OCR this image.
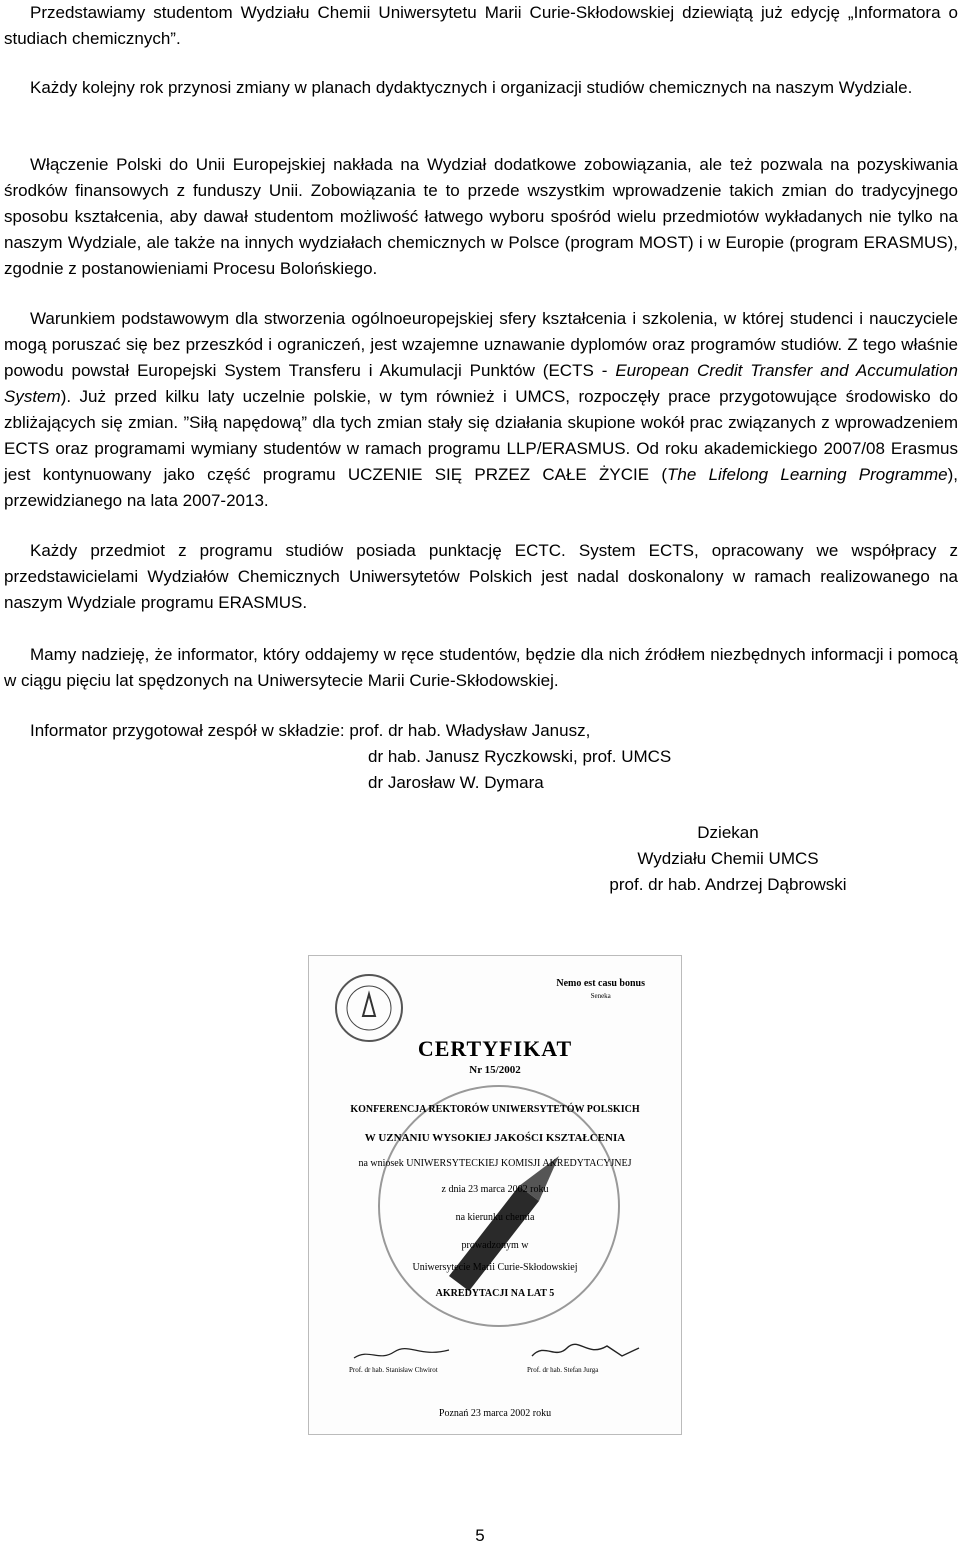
Przedstawiamy studentom Wydziału Chemii Uniwersytetu Marii Curie-Skłodowskiej dziewiątą już edycję „Informatora o studiach chemicznych”.

Każdy kolejny rok przynosi zmiany w planach dydaktycznych i organizacji studiów chemicznych na naszym Wydziale.

Włączenie Polski do Unii Europejskiej nakłada na Wydział dodatkowe zobowiązania, ale też pozwala na pozyskiwania środków finansowych z funduszy Unii. Zobowiązania te to przede wszystkim wprowadzenie takich zmian do tradycyjnego sposobu kształcenia, aby dawał studentom możliwość łatwego wyboru spośród wielu przedmiotów wykładanych nie tylko na naszym Wydziale, ale także na innych wydziałach chemicznych w Polsce (program MOST) i w Europie (program ERASMUS), zgodnie z postanowieniami Procesu Bolońskiego.

Warunkiem podstawowym dla stworzenia ogólnoeuropejskiej sfery kształcenia i szkolenia, w której studenci i nauczyciele mogą poruszać się bez przeszkód i ograniczeń, jest wzajemne uznawanie dyplomów oraz programów studiów. Z tego właśnie powodu powstał Europejski System Transferu i Akumulacji Punktów (ECTS - European Credit Transfer and Accumulation System). Już przed kilku laty uczelnie polskie, w tym również i UMCS, rozpoczęły prace przygotowujące środowisko do zbliżających się zmian. ”Siłą napędową” dla tych zmian stały się działania skupione wokół prac związanych z wprowadzeniem ECTS oraz programami wymiany studentów w ramach programu LLP/ERASMUS. Od roku akademickiego 2007/08 Erasmus jest kontynuowany jako część programu UCZENIE SIĘ PRZEZ CAŁE ŻYCIE (The Lifelong Learning Programme), przewidzianego na lata 2007-2013.

Każdy przedmiot z programu studiów posiada punktację ECTC. System ECTS, opracowany we współpracy z przedstawicielami Wydziałów Chemicznych Uniwersytetów Polskich jest nadal doskonalony w ramach realizowanego na naszym Wydziale programu ERASMUS.

Mamy nadzieję, że informator, który oddajemy w ręce studentów, będzie dla nich źródłem niezbędnych informacji i pomocą w ciągu pięciu lat spędzonych na Uniwersytecie Marii Curie-Skłodowskiej.

Informator przygotował zespół w składzie: prof. dr hab. Władysław Janusz,
dr hab. Janusz Ryczkowski, prof. UMCS
dr Jarosław W. Dymara
Dziekan
Wydziału Chemii UMCS
prof. dr hab. Andrzej Dąbrowski
Nemo est casu bonus
Seneka
CERTYFIKAT
Nr 15/2002
KONFERENCJA REKTORÓW UNIWERSYTETÓW POLSKICH
W UZNANIU WYSOKIEJ JAKOŚCI KSZTAŁCENIA
na wniosek UNIWERSYTECKIEJ KOMISJI AKREDYTACYJNEJ
z dnia 23 marca 2002 roku
na kierunku chemia
prowadzonym w
Uniwersytecie Marii Curie-Skłodowskiej
AKREDYTACJI NA LAT 5
Prof. dr hab. Stanisław Chwirot	Prof. dr hab. Stefan Jurga
Poznań 23 marca 2002 roku
5
